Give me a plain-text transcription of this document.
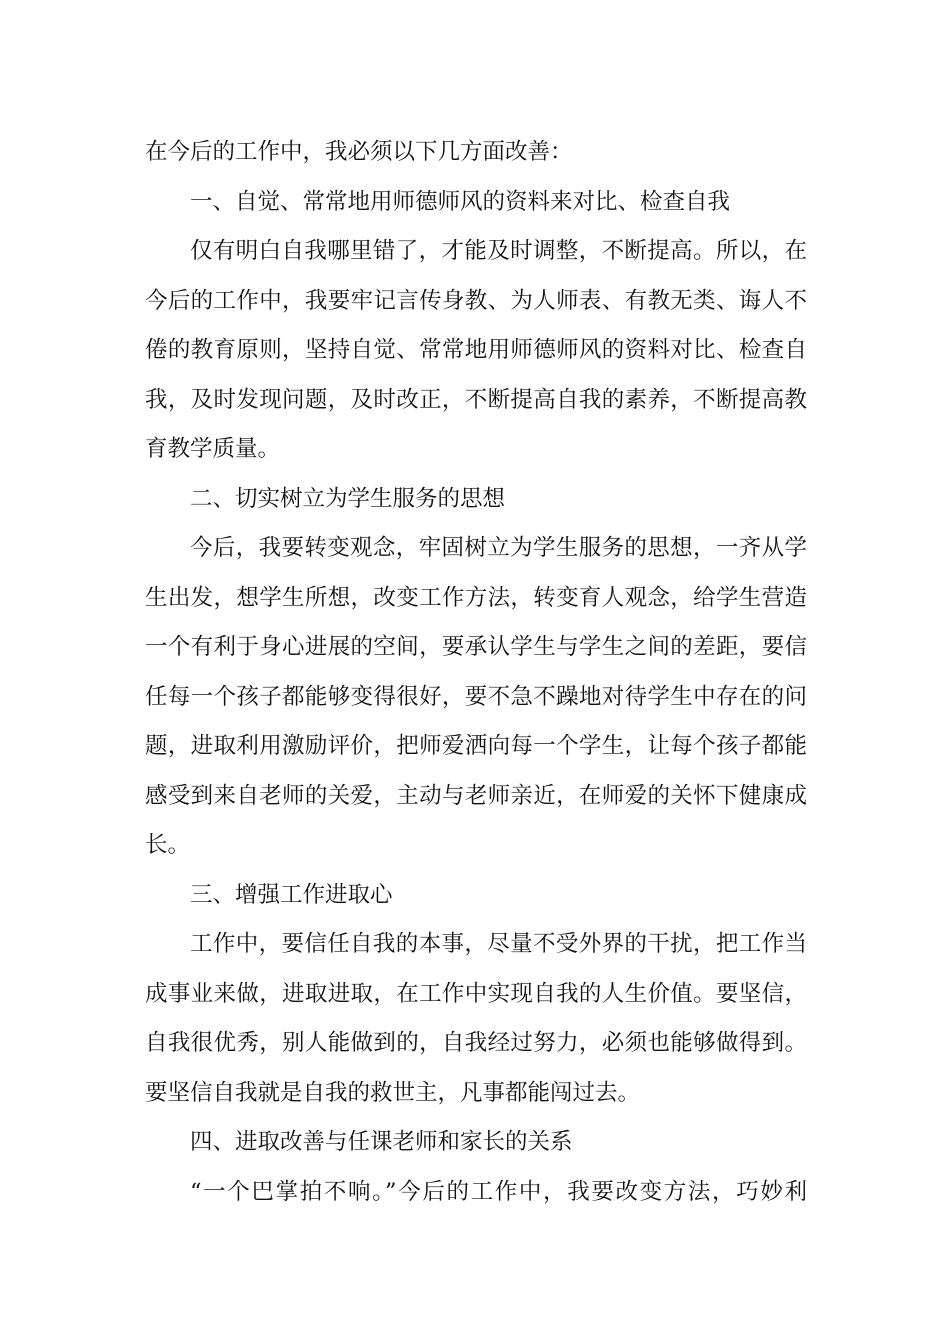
在今后的工作中，我必须以下几方面改善：
一、自觉、常常地用师德师风的资料来对比、检查自我
仅有明白自我哪里错了，才能及时调整，不断提高。所以，在
今后的工作中，我要牢记言传身教、为人师表、有教无类、诲人不
倦的教育原则，坚持自觉、常常地用师德师风的资料对比、检查自
我，及时发现问题，及时改正，不断提高自我的素养，不断提高教
育教学质量。
二、切实树立为学生服务的思想
今后，我要转变观念，牢固树立为学生服务的思想，一齐从学
生出发，想学生所想，改变工作方法，转变育人观念，给学生营造
一个有利于身心进展的空间，要承认学生与学生之间的差距，要信
任每一个孩子都能够变得很好，要不急不躁地对待学生中存在的问
题，进取利用激励评价，把师爱洒向每一个学生，让每个孩子都能
感受到来自老师的关爱，主动与老师亲近，在师爱的关怀下健康成
长。
三、增强工作进取心
工作中，要信任自我的本事，尽量不受外界的干扰，把工作当
成事业来做，进取进取，在工作中实现自我的人生价值。要坚信，
自我很优秀，别人能做到的，自我经过努力，必须也能够做得到。
要坚信自我就是自我的救世主，凡事都能闯过去。
四、进取改善与任课老师和家长的关系
“一个巴掌拍不响。”今后的工作中，我要改变方法，巧妙利
